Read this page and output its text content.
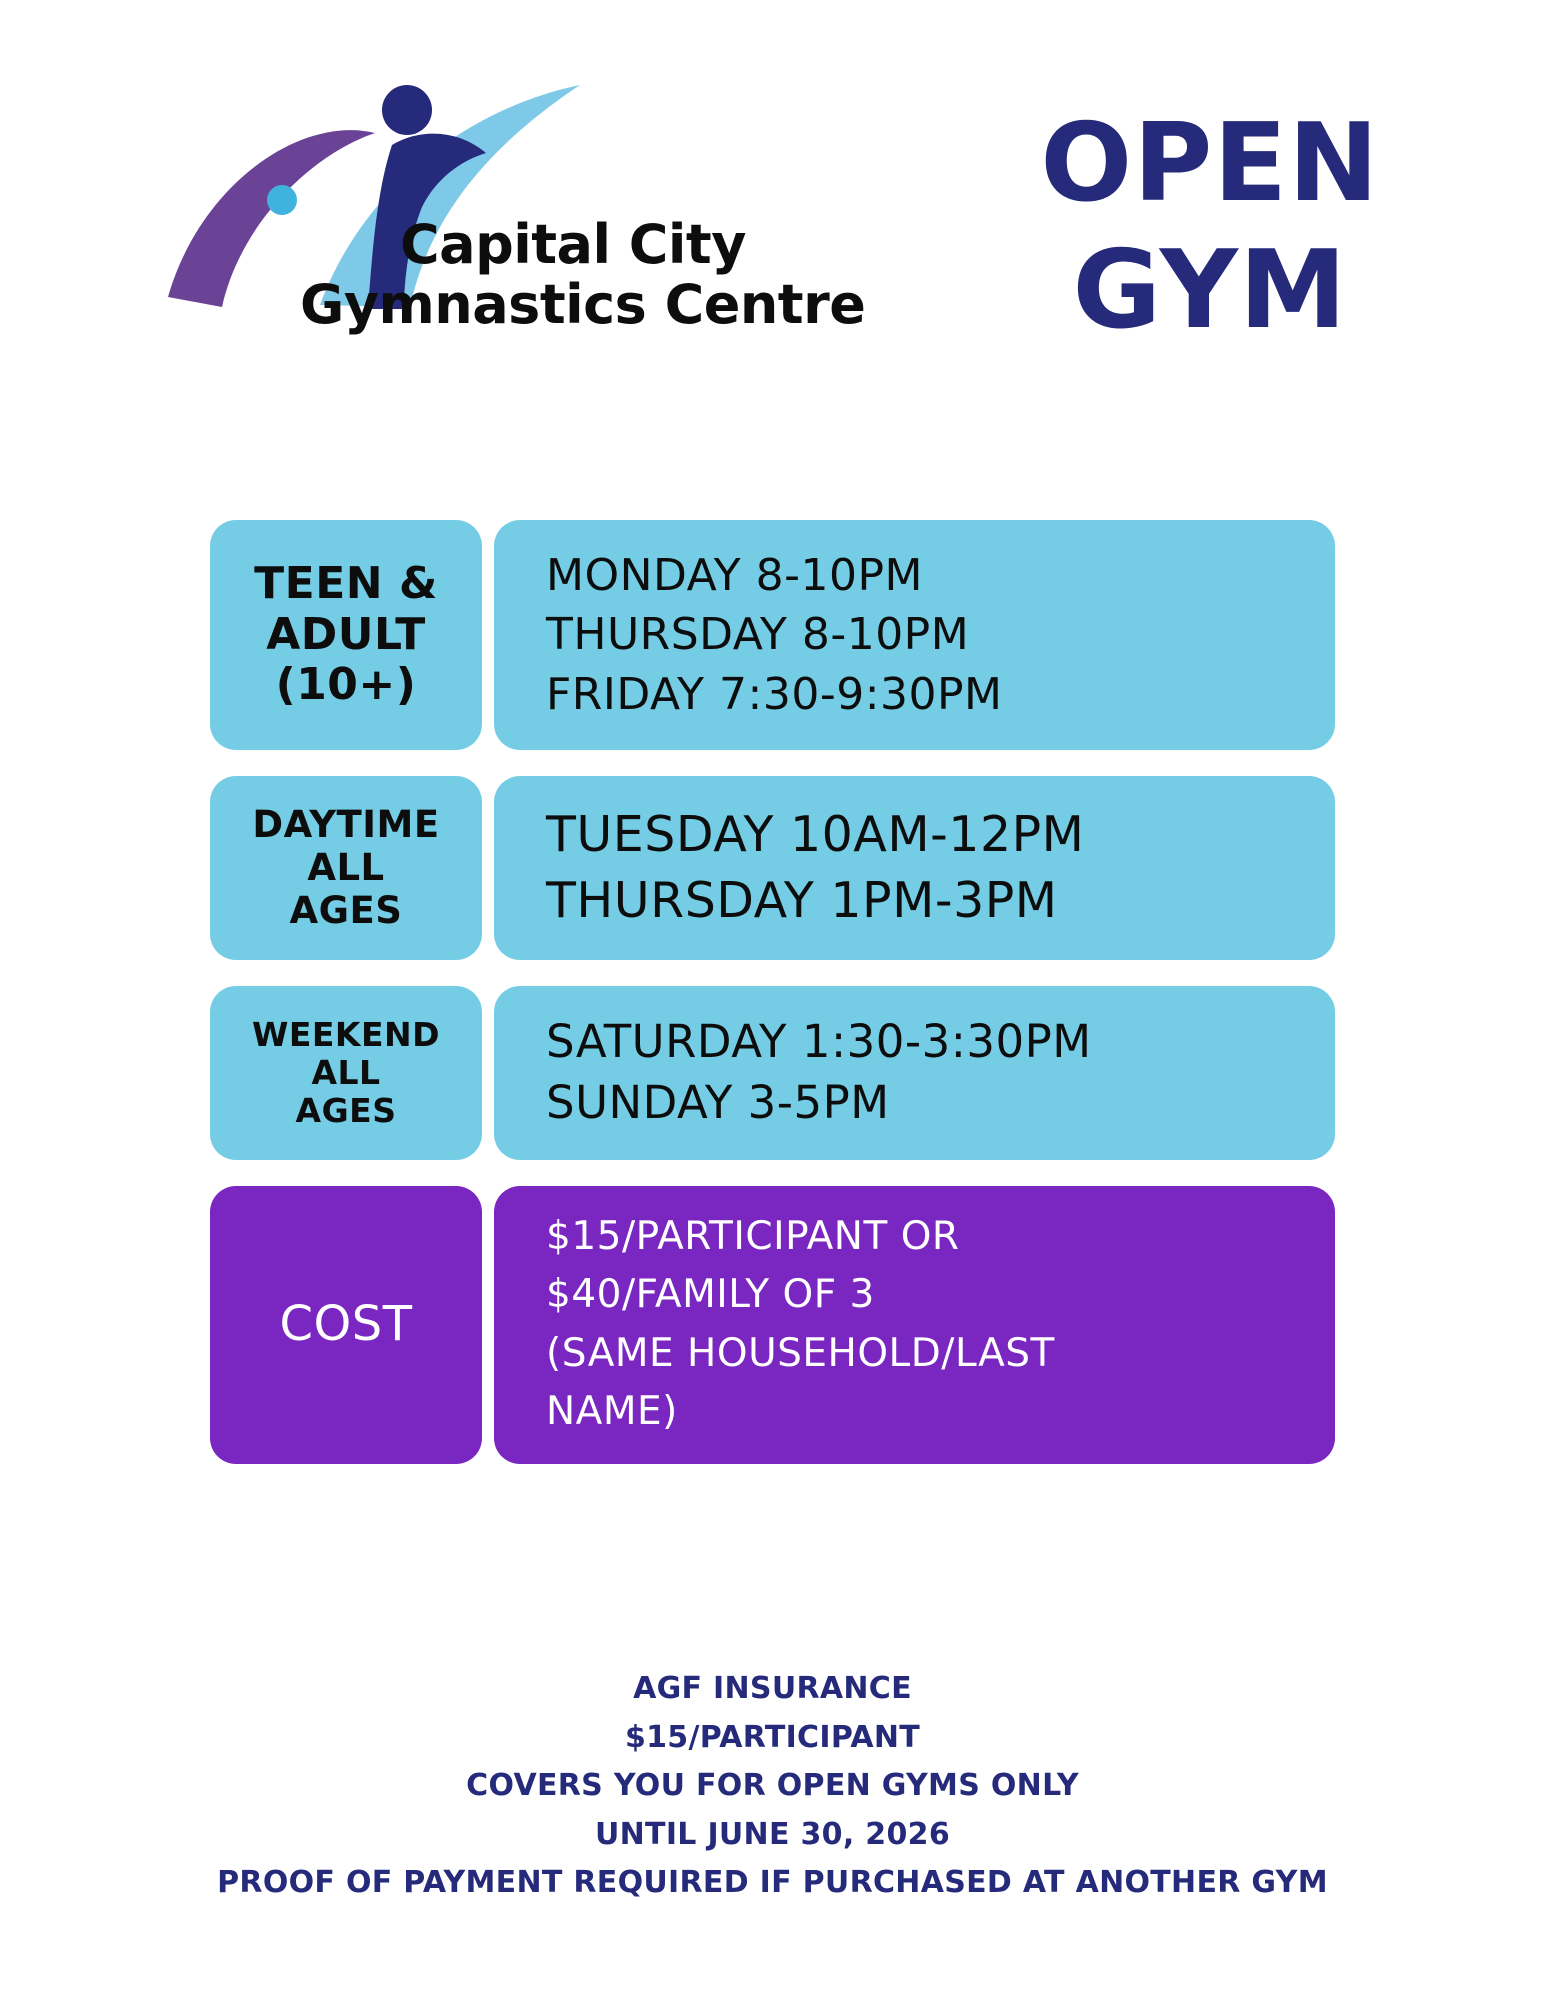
Capital City Gymnastics Centre
OPEN
GYM
TEEN &
ADULT
(10+)
MONDAY 8-10PM
THURSDAY 8-10PM
FRIDAY 7:30-9:30PM
DAYTIME
ALL
AGES
TUESDAY 10AM-12PM
THURSDAY 1PM-3PM
WEEKEND
ALL
AGES
SATURDAY 1:30-3:30PM
SUNDAY 3-5PM
COST
$15/PARTICIPANT OR
$40/FAMILY OF 3
(SAME HOUSEHOLD/LAST
NAME)
AGF INSURANCE
$15/PARTICIPANT
COVERS YOU FOR OPEN GYMS ONLY
UNTIL JUNE 30, 2026
PROOF OF PAYMENT REQUIRED IF PURCHASED AT ANOTHER GYM
